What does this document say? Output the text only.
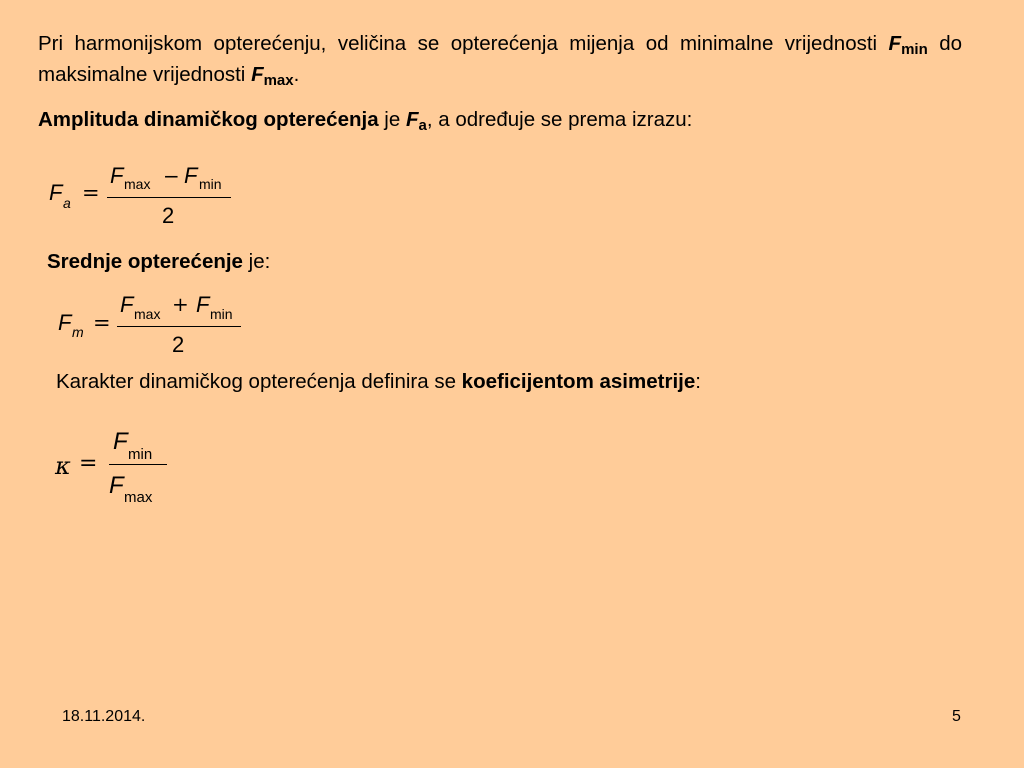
Pri harmonijskom opterećenju, veličina se opterećenja mijenja od minimalne vrijednosti $F_{min}$ do maksimalne vrijednosti $F_{max}$.
Amplituda dinamičkog opterećenja je $F_a$, a određuje se prema izrazu:
F a =
F max − F min
2
Srednje opterećenje je:
F m =
F max + F min
2
Karakter dinamičkog opterećenja definira se koeficijentom asimetrije:
κ =
F min
F max
18.11.2014.	5
